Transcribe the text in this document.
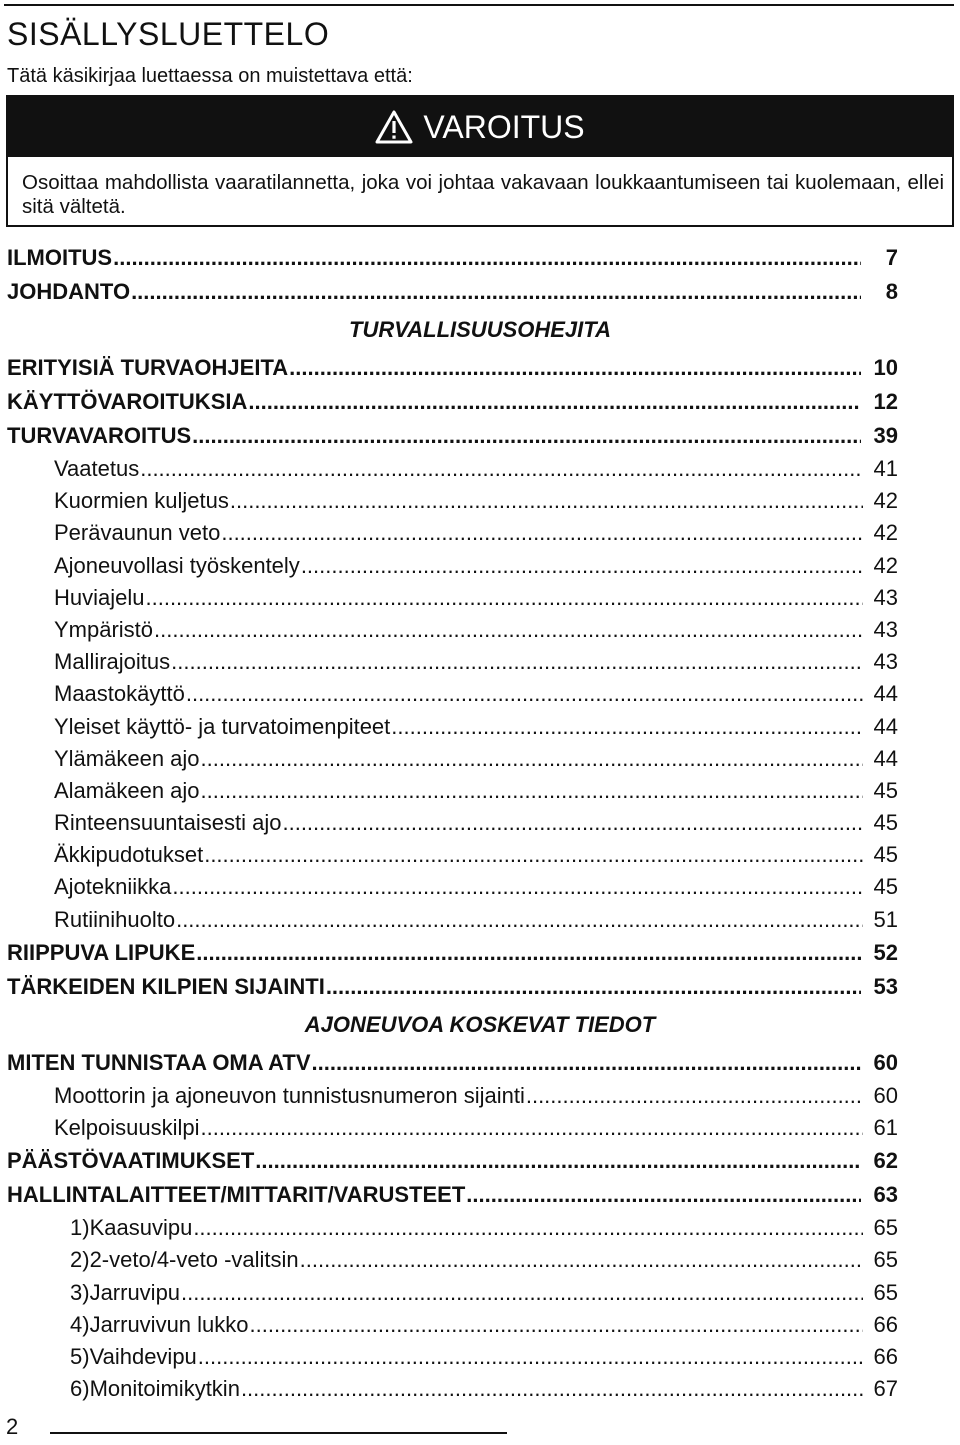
SISÄLLYSLUETTELO
Tätä käsikirjaa luettaessa on muistettava että:
VAROITUS
Osoittaa mahdollista vaaratilannetta, joka voi johtaa vakavaan loukkaantumiseen tai kuolemaan, ellei sitä vältetä.
ILMOITUS .....	7
JOHDANTO .....	8
TURVALLISUUSOHEJITA
ERITYISIÄ TURVAOHJEITA .....	10
KÄYTTÖVAROITUKSIA .....	12
TURVAVAROITUS .....	39
Vaatetus .....	41
Kuormien kuljetus .....	42
Perävaunun veto .....	42
Ajoneuvollasi työskentely .....	42
Huviajelu .....	43
Ympäristö .....	43
Mallirajoitus .....	43
Maastokäyttö .....	44
Yleiset käyttö- ja turvatoimenpiteet .....	44
Ylämäkeen ajo .....	44
Alamäkeen ajo .....	45
Rinteensuuntaisesti ajo .....	45
Äkkipudotukset .....	45
Ajotekniikka .....	45
Rutiinihuolto .....	51
RIIPPUVA LIPUKE .....	52
TÄRKEIDEN KILPIEN SIJAINTI .....	53
AJONEUVOA KOSKEVAT TIEDOT
MITEN TUNNISTAA OMA ATV .....	60
Moottorin ja ajoneuvon tunnistusnumeron sijainti .....	60
Kelpoisuuskilpi .....	61
PÄÄSTÖVAATIMUKSET .....	62
HALLINTALAITTEET/MITTARIT/VARUSTEET .....	63
1) Kaasuvipu .....	65
2) 2-veto/4-veto -valitsin .....	65
3) Jarruvipu .....	65
4) Jarruvivun lukko .....	66
5) Vaihdevipu .....	66
6) Monitoimikytkin .....	67
2
